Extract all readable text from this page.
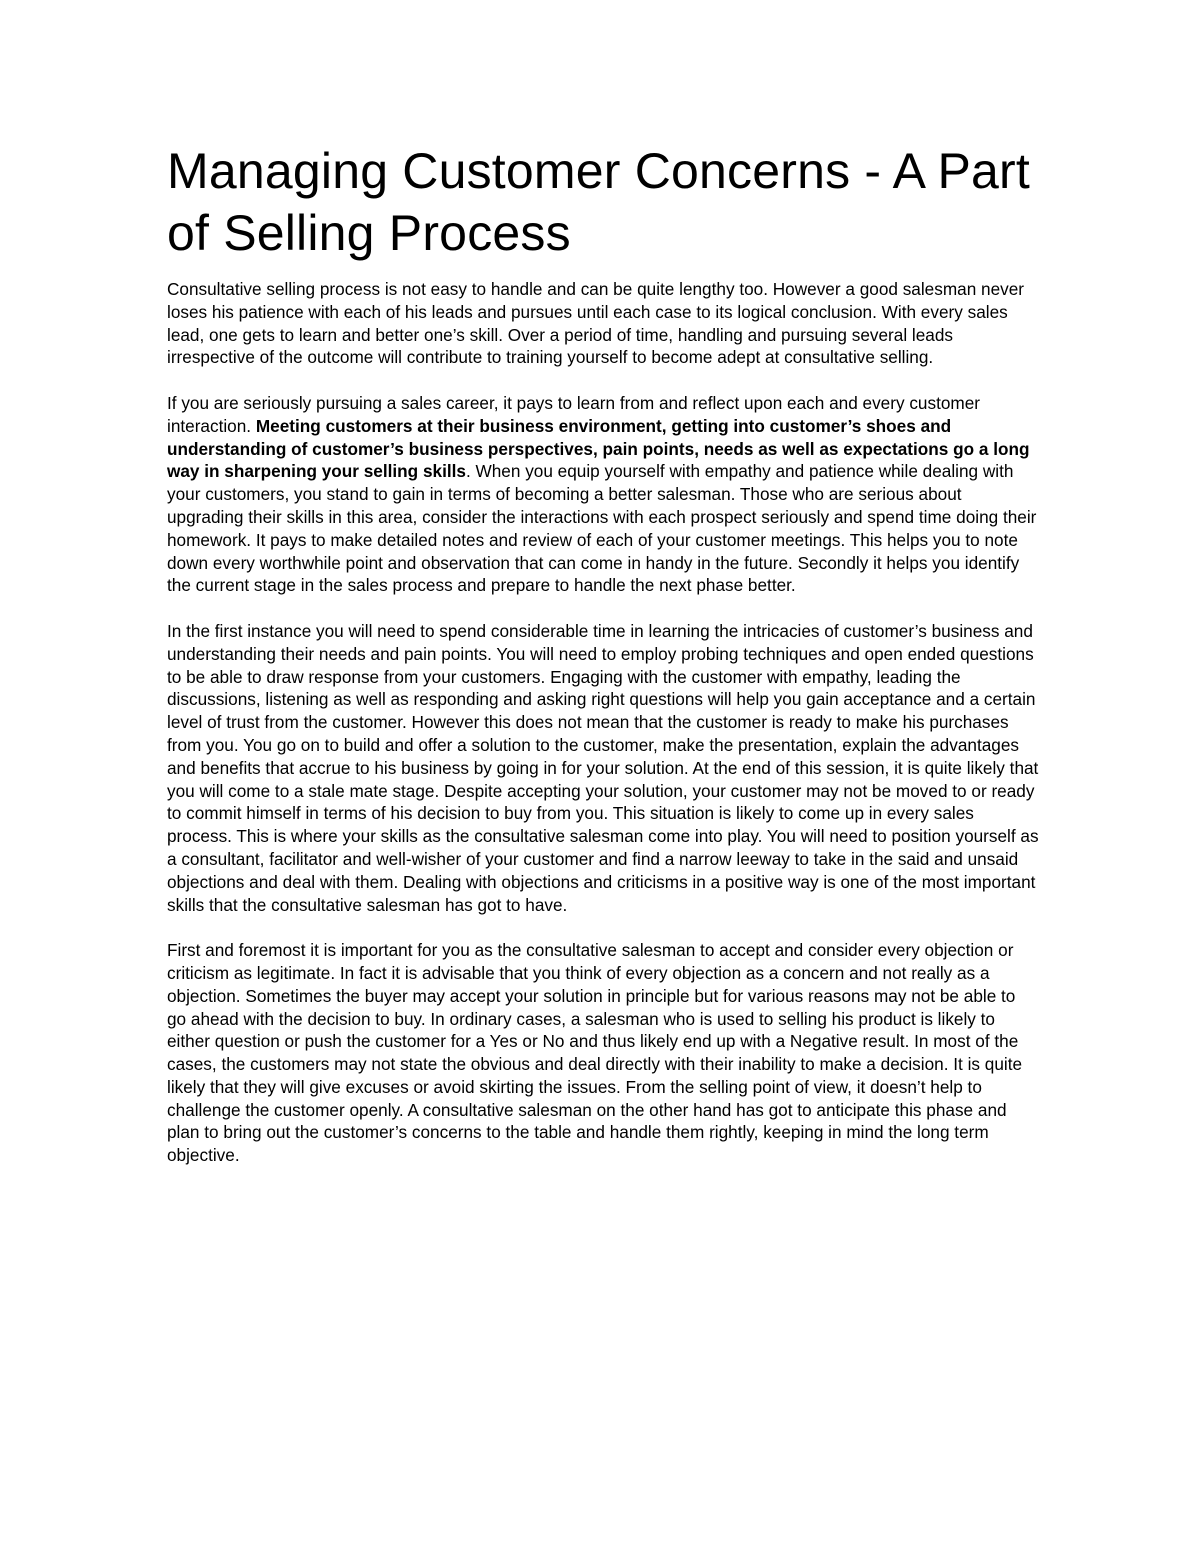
Managing Customer Concerns - A Part of Selling Process

Consultative selling process is not easy to handle and can be quite lengthy too. However a good salesman never loses his patience with each of his leads and pursues until each case to its logical conclusion. With every sales lead, one gets to learn and better one’s skill. Over a period of time, handling and pursuing several leads irrespective of the outcome will contribute to training yourself to become adept at consultative selling.

If you are seriously pursuing a sales career, it pays to learn from and reflect upon each and every customer interaction. Meeting customers at their business environment, getting into customer’s shoes and understanding of customer’s business perspectives, pain points, needs as well as expectations go a long way in sharpening your selling skills. When you equip yourself with empathy and patience while dealing with your customers, you stand to gain in terms of becoming a better salesman. Those who are serious about upgrading their skills in this area, consider the interactions with each prospect seriously and spend time doing their homework. It pays to make detailed notes and review of each of your customer meetings. This helps you to note down every worthwhile point and observation that can come in handy in the future. Secondly it helps you identify the current stage in the sales process and prepare to handle the next phase better.

In the first instance you will need to spend considerable time in learning the intricacies of customer’s business and understanding their needs and pain points. You will need to employ probing techniques and open ended questions to be able to draw response from your customers. Engaging with the customer with empathy, leading the discussions, listening as well as responding and asking right questions will help you gain acceptance and a certain level of trust from the customer. However this does not mean that the customer is ready to make his purchases from you. You go on to build and offer a solution to the customer, make the presentation, explain the advantages and benefits that accrue to his business by going in for your solution. At the end of this session, it is quite likely that you will come to a stale mate stage. Despite accepting your solution, your customer may not be moved to or ready to commit himself in terms of his decision to buy from you. This situation is likely to come up in every sales process. This is where your skills as the consultative salesman come into play. You will need to position yourself as a consultant, facilitator and well-wisher of your customer and find a narrow leeway to take in the said and unsaid objections and deal with them. Dealing with objections and criticisms in a positive way is one of the most important skills that the consultative salesman has got to have.

First and foremost it is important for you as the consultative salesman to accept and consider every objection or criticism as legitimate. In fact it is advisable that you think of every objection as a concern and not really as a objection. Sometimes the buyer may accept your solution in principle but for various reasons may not be able to go ahead with the decision to buy. In ordinary cases, a salesman who is used to selling his product is likely to either question or push the customer for a Yes or No and thus likely end up with a Negative result. In most of the cases, the customers may not state the obvious and deal directly with their inability to make a decision. It is quite likely that they will give excuses or avoid skirting the issues. From the selling point of view, it doesn’t help to challenge the customer openly. A consultative salesman on the other hand has got to anticipate this phase and plan to bring out the customer’s concerns to the table and handle them rightly, keeping in mind the long term objective.
